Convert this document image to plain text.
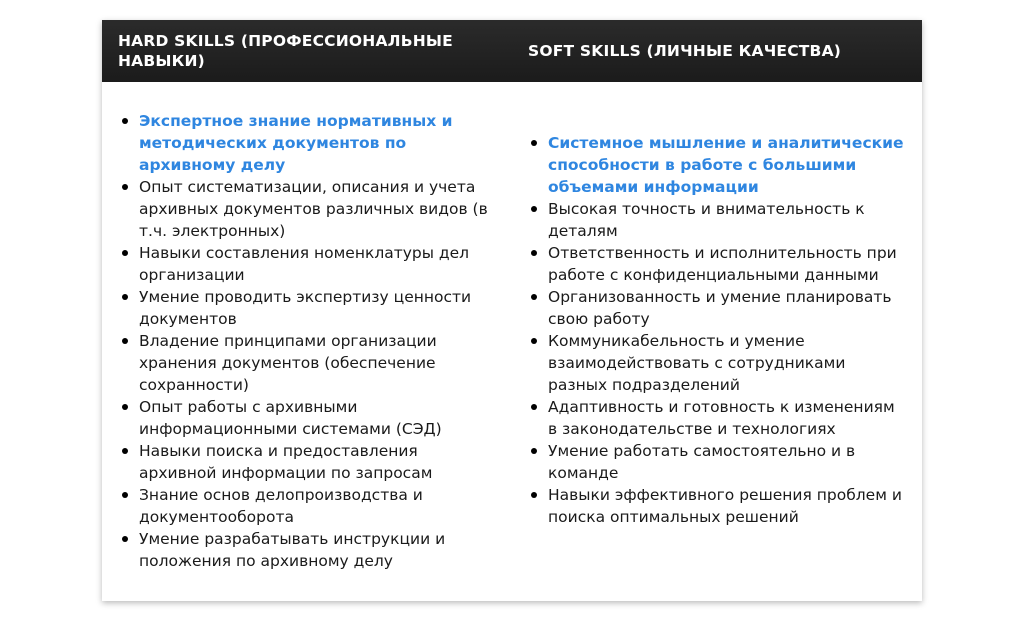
HARD SKILLS (ПРОФЕССИОНАЛЬНЫЕ НАВЫКИ)
SOFT SKILLS (ЛИЧНЫЕ КАЧЕСТВА)
Экспертное знание нормативных и методических документов по архивному делу
Опыт систематизации, описания и учета архивных документов различных видов (в т.ч. электронных)
Навыки составления номенклатуры дел организации
Умение проводить экспертизу ценности документов
Владение принципами организации хранения документов (обеспечение сохранности)
Опыт работы с архивными информационными системами (СЭД)
Навыки поиска и предоставления архивной информации по запросам
Знание основ делопроизводства и документооборота
Умение разрабатывать инструкции и положения по архивному делу
Системное мышление и аналитические способности в работе с большими объемами информации
Высокая точность и внимательность к деталям
Ответственность и исполнительность при работе с конфиденциальными данными
Организованность и умение планировать свою работу
Коммуникабельность и умение взаимодействовать с сотрудниками разных подразделений
Адаптивность и готовность к изменениям в законодательстве и технологиях
Умение работать самостоятельно и в команде
Навыки эффективного решения проблем и поиска оптимальных решений
